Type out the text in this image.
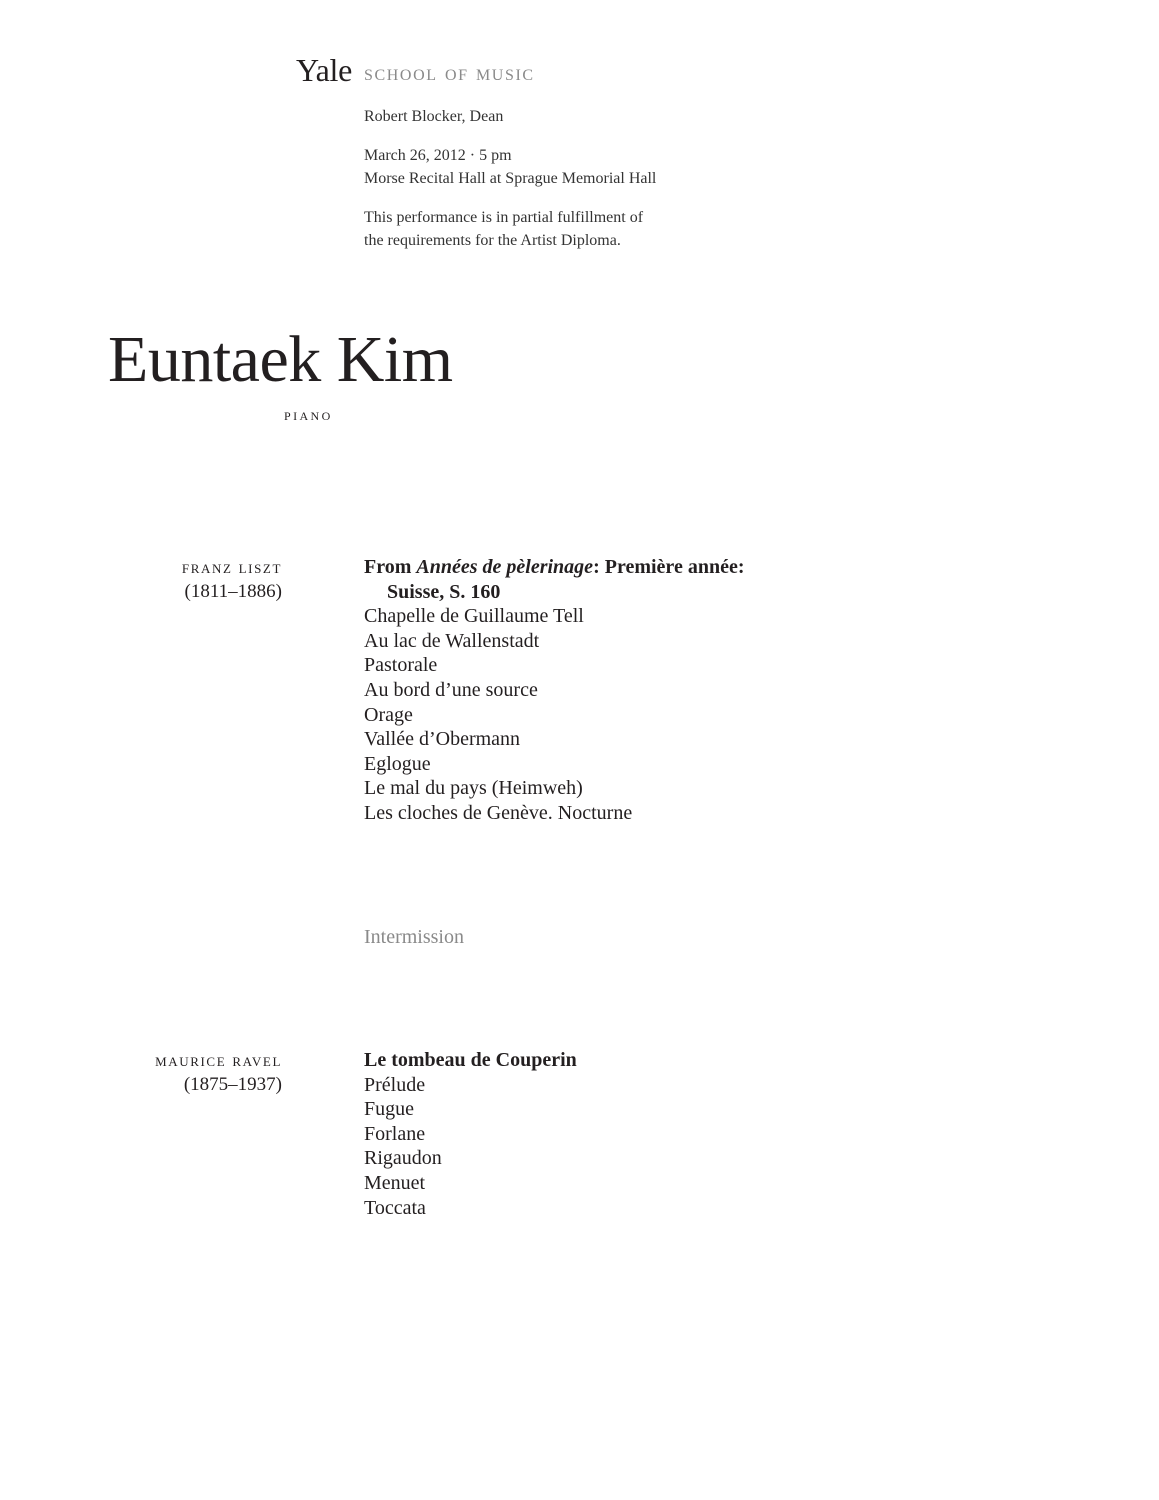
Yale school of music
Robert Blocker, Dean
March 26, 2012 · 5 pm
Morse Recital Hall at Sprague Memorial Hall
This performance is in partial fulfillment of
the requirements for the Artist Diploma.
Euntaek Kim
piano
franz liszt
(1811–1886)
From Années de pèlerinage: Première année:
Suisse, S. 160
Chapelle de Guillaume Tell
Au lac de Wallenstadt
Pastorale
Au bord d’une source
Orage
Vallée d’Obermann
Eglogue
Le mal du pays (Heimweh)
Les cloches de Genève. Nocturne
Intermission
maurice ravel
(1875–1937)
Le tombeau de Couperin
Prélude
Fugue
Forlane
Rigaudon
Menuet
Toccata
